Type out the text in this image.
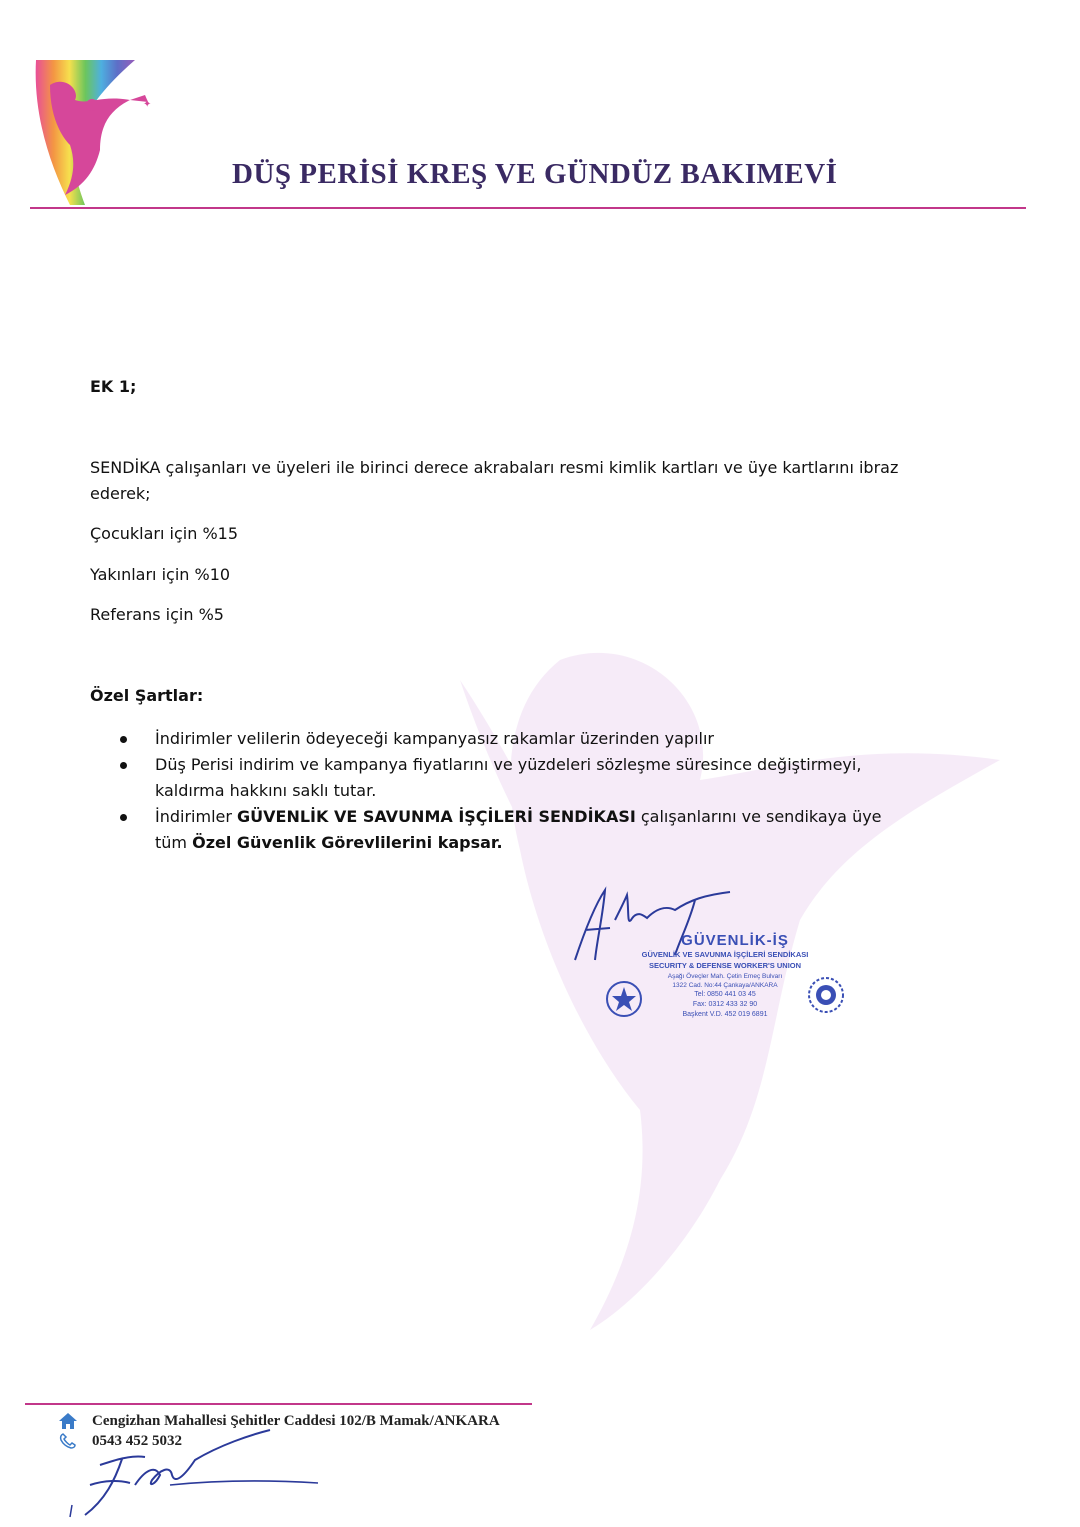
✦
DÜŞ PERİSİ KREŞ VE GÜNDÜZ BAKIMEVİ
EK 1;
SENDİKA çalışanları ve üyeleri ile birinci derece akrabaları resmi kimlik kartları ve üye kartlarını ibraz ederek;
Çocukları için %15
Yakınları için %10
Referans için %5
Özel Şartlar:
İndirimler velilerin ödeyeceği kampanyasız rakamlar üzerinden yapılır
Düş Perisi indirim ve kampanya fiyatlarını ve yüzdeleri sözleşme süresince değiştirmeyi, kaldırma hakkını saklı tutar.
İndirimler GÜVENLİK VE SAVUNMA İŞÇİLERİ SENDİKASI çalışanlarını ve sendikaya üye tüm Özel Güvenlik Görevlilerini kapsar.
GÜVENLİK-İŞ
GÜVENLİK VE SAVUNMA İŞÇİLERİ SENDİKASI
SECURITY & DEFENSE WORKER'S UNION
Aşağı Öveçler Mah. Çetin Emeç Bulvarı
1322 Cad. No:44 Çankaya/ANKARA
Tel: 0850 441 03 45
Fax: 0312 433 32 90
Başkent V.D. 452 019 6891
Cengizhan Mahallesi Şehitler Caddesi 102/B Mamak/ANKARA
0543 452 5032
